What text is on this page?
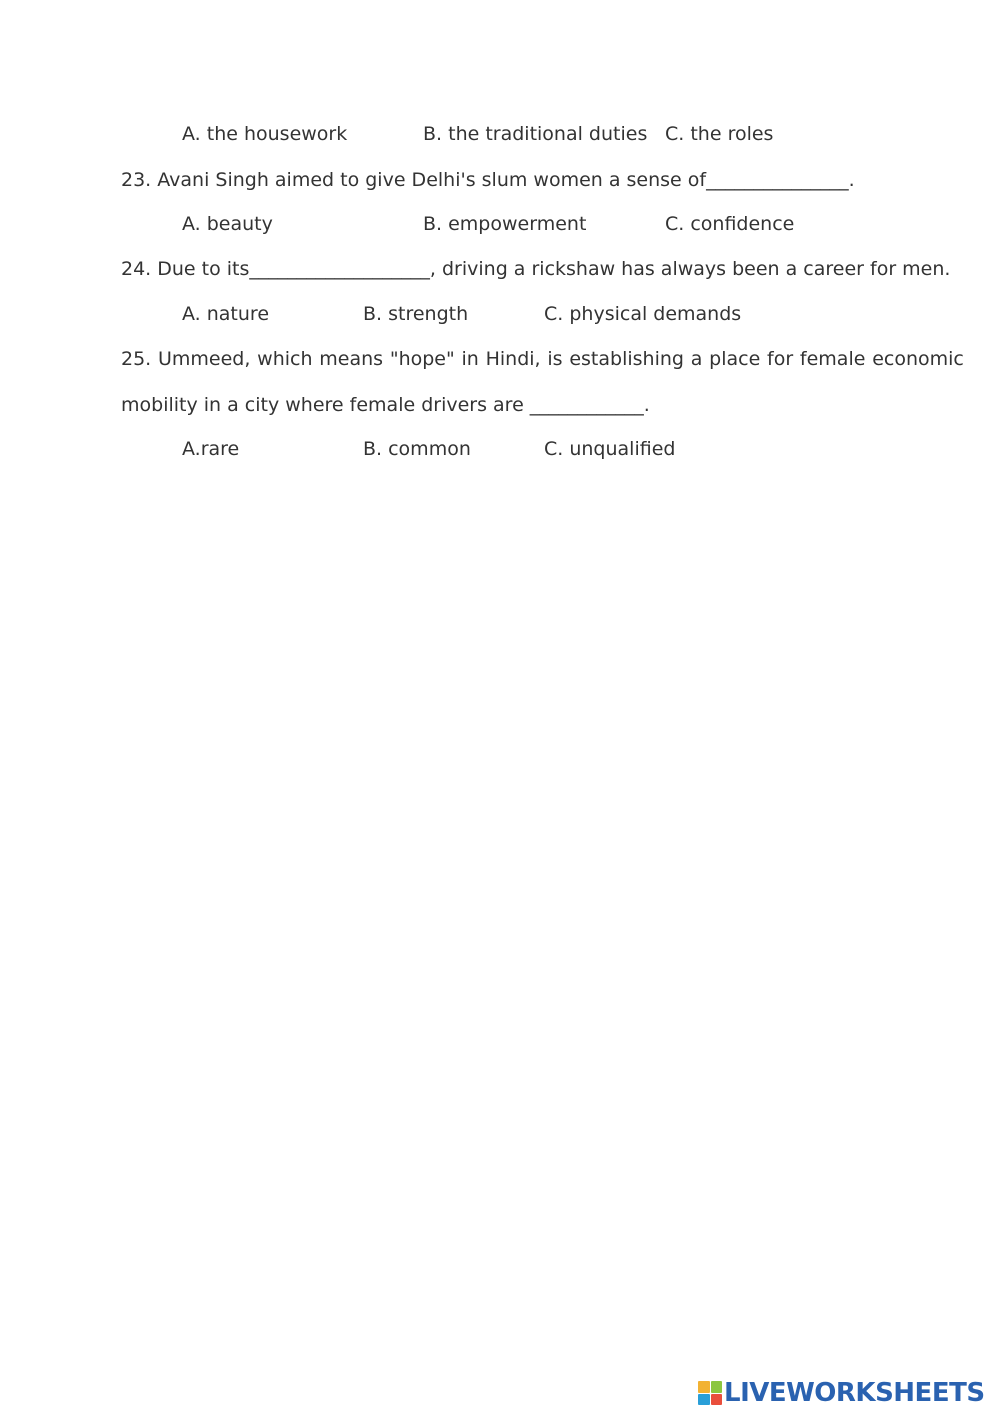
A. the housework	B. the traditional duties C. the roles
23. Avani Singh aimed to give Delhi's slum women a sense of_______________.
A. beauty	B. empowerment	C. confidence
24. Due to its___________________, driving a rickshaw has always been a career for men.
A. nature	B. strength	C. physical demands
25. Ummeed, which means "hope" in Hindi, is establishing a place for female economic
mobility in a city where female drivers are ____________.
A.rare	B. common	C. unqualified
LIVEWORKSHEETS
